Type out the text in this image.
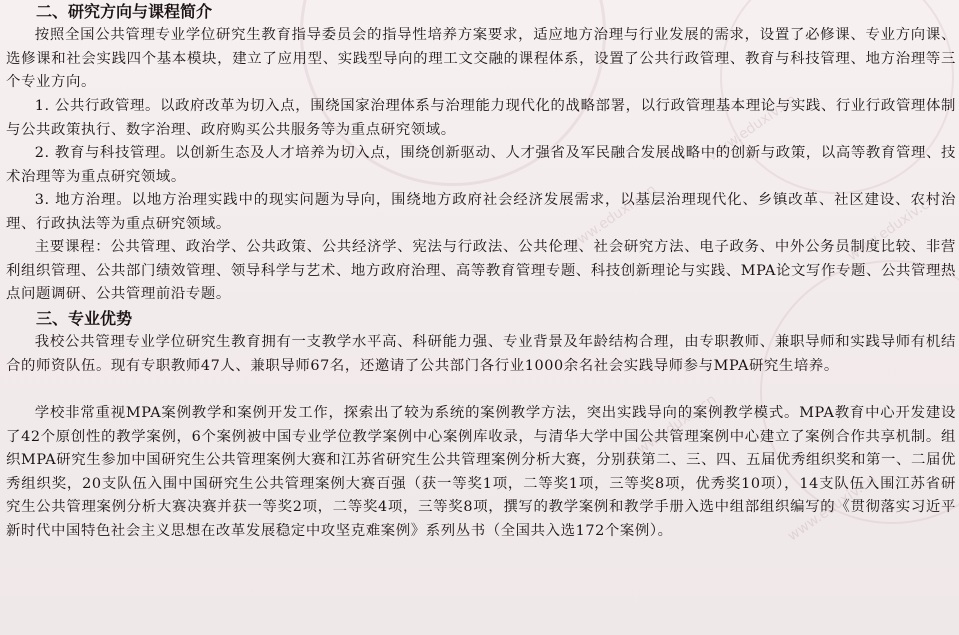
www.eduxiv.cn
www.eduxiv.cn
www.eduxiv.cn
www.eduxiv.cn
www.eduxiv.cn
二、研究方向与课程简介

按照全国公共管理专业学位研究生教育指导委员会的指导性培养方案要求，适应地方治理与行业发展的需求，设置了必修课、专业方向课、选修课和社会实践四个基本模块，建立了应用型、实践型导向的理工文交融的课程体系，设置了公共行政管理、教育与科技管理、地方治理等三个专业方向。

1. 公共行政管理。以政府改革为切入点，围绕国家治理体系与治理能力现代化的战略部署，以行政管理基本理论与实践、行业行政管理体制与公共政策执行、数字治理、政府购买公共服务等为重点研究领域。

2. 教育与科技管理。以创新生态及人才培养为切入点，围绕创新驱动、人才强省及军民融合发展战略中的创新与政策，以高等教育管理、技术治理等为重点研究领域。

3. 地方治理。以地方治理实践中的现实问题为导向，围绕地方政府社会经济发展需求，以基层治理现代化、乡镇改革、社区建设、农村治理、行政执法等为重点研究领域。

主要课程：公共管理、政治学、公共政策、公共经济学、宪法与行政法、公共伦理、社会研究方法、电子政务、中外公务员制度比较、非营利组织管理、公共部门绩效管理、领导科学与艺术、地方政府治理、高等教育管理专题、科技创新理论与实践、MPA论文写作专题、公共管理热点问题调研、公共管理前沿专题。

三、专业优势

我校公共管理专业学位研究生教育拥有一支教学水平高、科研能力强、专业背景及年龄结构合理，由专职教师、兼职导师和实践导师有机结合的师资队伍。现有专职教师47人、兼职导师67名，还邀请了公共部门各行业1000余名社会实践导师参与MPA研究生培养。

学校非常重视MPA案例教学和案例开发工作，探索出了较为系统的案例教学方法，突出实践导向的案例教学模式。MPA教育中心开发建设了42个原创性的教学案例，6个案例被中国专业学位教学案例中心案例库收录，与清华大学中国公共管理案例中心建立了案例合作共享机制。组织MPA研究生参加中国研究生公共管理案例大赛和江苏省研究生公共管理案例分析大赛，分别获第二、三、四、五届优秀组织奖和第一、二届优秀组织奖，20支队伍入围中国研究生公共管理案例大赛百强（获一等奖1项，二等奖1项，三等奖8项，优秀奖10项），14支队伍入围江苏省研究生公共管理案例分析大赛决赛并获一等奖2项，二等奖4项，三等奖8项，撰写的教学案例和教学手册入选中组部组织编写的《贯彻落实习近平新时代中国特色社会主义思想在改革发展稳定中攻坚克难案例》系列丛书（全国共入选172个案例）。
